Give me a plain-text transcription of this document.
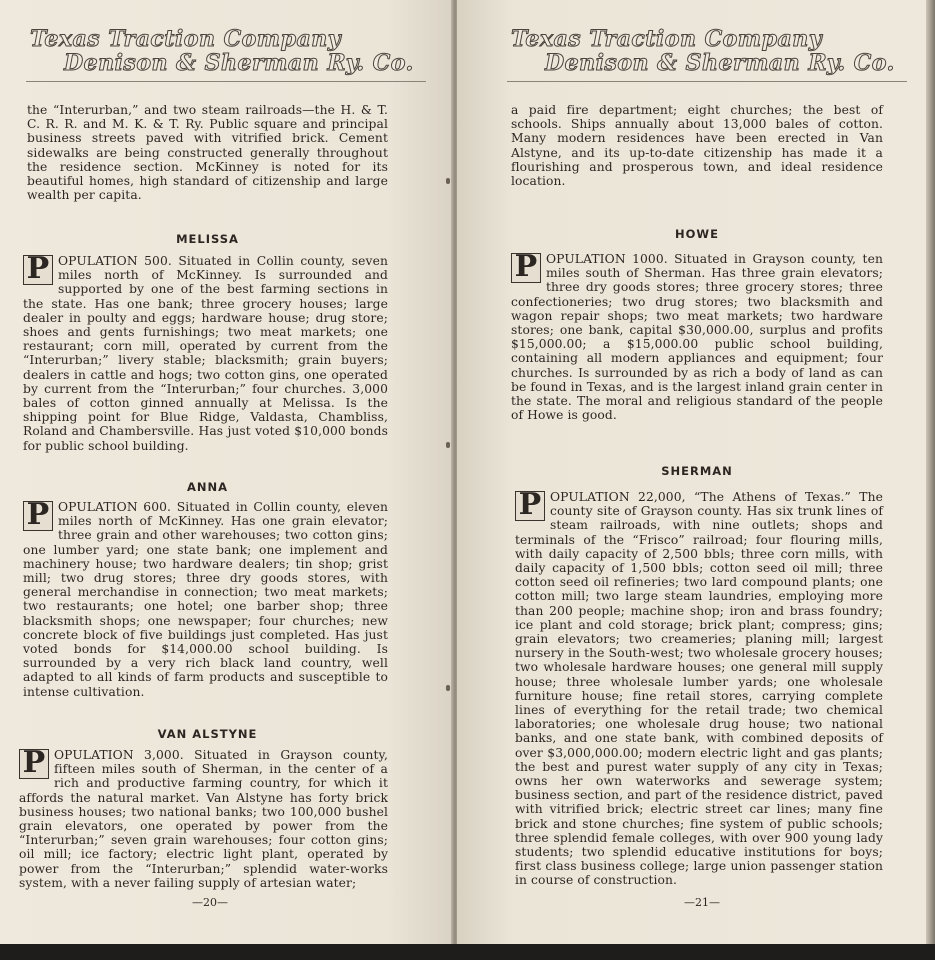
Texas Traction Company
Denison & Sherman Ry. Co.

the “Interurban,” and two steam railroads—the H. & T. C. R. R. and M. K. & T. Ry. Public square and principal business streets paved with vitrified brick. Cement sidewalks are being constructed generally throughout the residence section. McKinney is noted for its beautiful homes, high standard of citizenship and large wealth per capita.

MELISSA
P OPULATION 500. Situated in Collin county, seven miles north of McKinney. Is surrounded and supported by one of the best farming sections in the state. Has one bank; three grocery houses; large dealer in poulty and eggs; hardware house; drug store; shoes and gents furnishings; two meat markets; one restaurant; corn mill, operated by current from the “Interurban;” livery stable; blacksmith; grain buyers; dealers in cattle and hogs; two cotton gins, one operated by current from the “Interurban;” four churches. 3,000 bales of cotton ginned annually at Melissa. Is the shipping point for Blue Ridge, Valdasta, Chambliss, Roland and Chambersville. Has just voted $10,000 bonds for public school building.
ANNA
P OPULATION 600. Situated in Collin county, eleven miles north of McKinney. Has one grain elevator; three grain and other warehouses; two cotton gins; one lumber yard; one state bank; one implement and machinery house; two hardware dealers; tin shop; grist mill; two drug stores; three dry goods stores, with general merchandise in connection; two meat markets; two restaurants; one hotel; one barber shop; three blacksmith shops; one newspaper; four churches; new concrete block of five buildings just completed. Has just voted bonds for $14,000.00 school building. Is surrounded by a very rich black land country, well adapted to all kinds of farm products and susceptible to intense cultivation.
VAN ALSTYNE
P OPULATION 3,000. Situated in Grayson county, fifteen miles south of Sherman, in the center of a rich and productive farming country, for which it affords the natural market. Van Alstyne has forty brick business houses; two national banks; two 100,000 bushel grain elevators, one operated by power from the “Interurban;” seven grain warehouses; four cotton gins; oil mill; ice factory; electric light plant, operated by power from the “Interurban;” splendid water-works system, with a never failing supply of artesian water;
—20—
Texas Traction Company
Denison & Sherman Ry. Co.

a paid fire department; eight churches; the best of schools. Ships annually about 13,000 bales of cotton. Many modern residences have been erected in Van Alstyne, and its up-to-date citizenship has made it a flourishing and prosperous town, and ideal residence location.

HOWE
P OPULATION 1000. Situated in Grayson county, ten miles south of Sherman. Has three grain elevators; three dry goods stores; three grocery stores; three confectioneries; two drug stores; two blacksmith and wagon repair shops; two meat markets; two hardware stores; one bank, capital $30,000.00, surplus and profits $15,000.00; a $15,000.00 public school building, containing all modern appliances and equipment; four churches. Is surrounded by as rich a body of land as can be found in Texas, and is the largest inland grain center in the state. The moral and religious standard of the people of Howe is good.
SHERMAN
P OPULATION 22,000, “The Athens of Texas.” The county site of Grayson county. Has six trunk lines of steam railroads, with nine outlets; shops and terminals of the “Frisco” railroad; four flouring mills, with daily capacity of 2,500 bbls; three corn mills, with daily capacity of 1,500 bbls; cotton seed oil mill; three cotton seed oil refineries; two lard compound plants; one cotton mill; two large steam laundries, employing more than 200 people; machine shop; iron and brass foundry; ice plant and cold storage; brick plant; compress; gins; grain elevators; two creameries; planing mill; largest nursery in the South-west; two wholesale grocery houses; two wholesale hardware houses; one general mill supply house; three wholesale lumber yards; one wholesale furniture house; fine retail stores, carrying complete lines of everything for the retail trade; two chemical laboratories; one wholesale drug house; two national banks, and one state bank, with combined deposits of over $3,000,000.00; modern electric light and gas plants; the best and purest water supply of any city in Texas; owns her own waterworks and sewerage system; business section, and part of the residence district, paved with vitrified brick; electric street car lines; many fine brick and stone churches; fine system of public schools; three splendid female colleges, with over 900 young lady students; two splendid educative institutions for boys; first class business college; large union passenger station in course of construction.
—21—
